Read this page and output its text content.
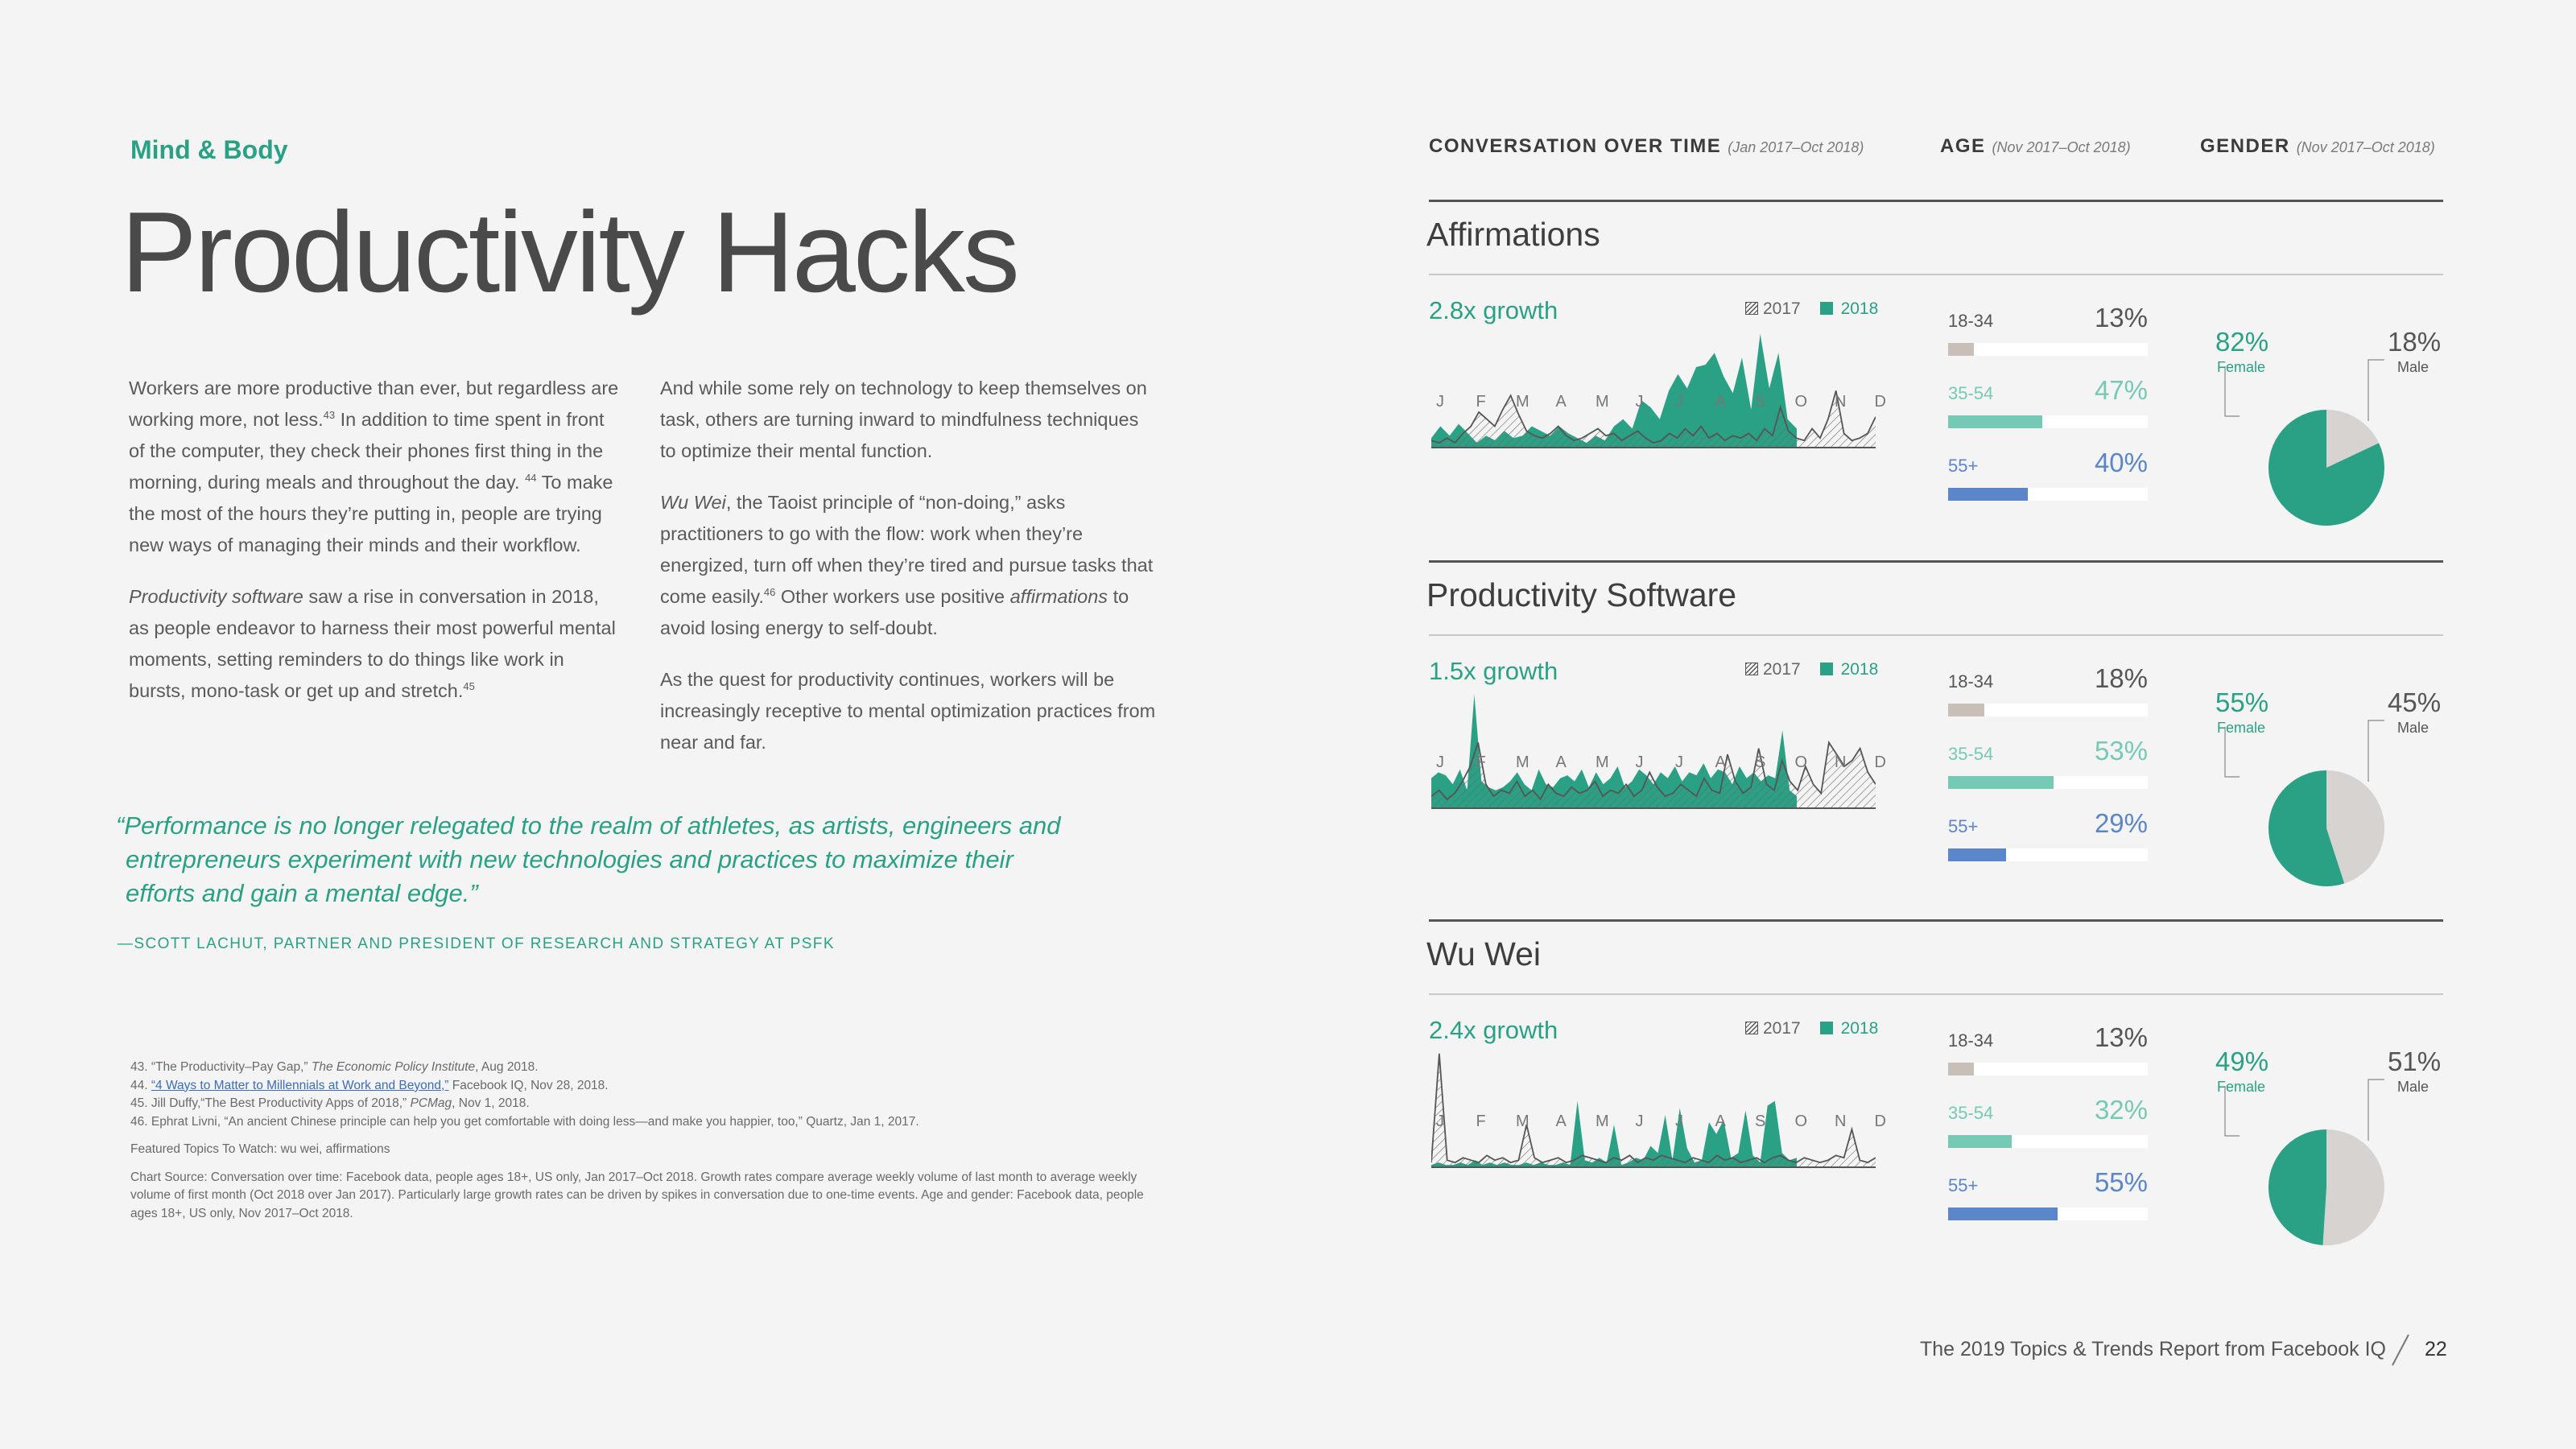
Mind & Body
Productivity Hacks

Workers are more productive than ever, but regardless are working more, not less.$^{43}$ In addition to time spent in front of the computer, they check their phones first thing in the morning, during meals and throughout the day. $^{44}$ To make the most of the hours they’re putting in, people are trying new ways of managing their minds and their workflow.

Productivity software saw a rise in conversation in 2018, as people endeavor to harness their most powerful mental moments, setting reminders to do things like work in bursts, mono-task or get up and stretch.$^{45}$

And while some rely on technology to keep themselves on task, others are turning inward to mindfulness techniques to optimize their mental function.

Wu Wei, the Taoist principle of “non-doing,” asks practitioners to go with the flow: work when they’re energized, turn off when they’re tired and pursue tasks that come easily.$^{46}$ Other workers use positive affirmations to avoid losing energy to self-doubt.

As the quest for productivity continues, workers will be increasingly receptive to mental optimization practices from near and far.

“Performance is no longer relegated to the realm of athletes, as artists, engineers and entrepreneurs experiment with new technologies and practices to maximize their efforts and gain a mental edge.”
—SCOTT LACHUT, PARTNER AND PRESIDENT OF RESEARCH AND STRATEGY AT PSFK
43. “The Productivity–Pay Gap,” The Economic Policy Institute, Aug 2018.
44. “4 Ways to Matter to Millennials at Work and Beyond,” Facebook IQ, Nov 28, 2018.
45. Jill Duffy,“The Best Productivity Apps of 2018,” PCMag, Nov 1, 2018.
46. Ephrat Livni, “An ancient Chinese principle can help you get comfortable with doing less—and make you happier, too,” Quartz, Jan 1, 2017.
Featured Topics To Watch: wu wei, affirmations
Chart Source: Conversation over time: Facebook data, people ages 18+, US only, Jan 2017–Oct 2018. Growth rates compare average weekly volume of last month to average weekly volume of first month (Oct 2018 over Jan 2017). Particularly large growth rates can be driven by spikes in conversation due to one-time events. Age and gender: Facebook data, people ages 18+, US only, Nov 2017–Oct 2018.
CONVERSATION OVER TIME (Jan 2017–Oct 2018)	AGE (Nov 2017–Oct 2018)	GENDER (Nov 2017–Oct 2018)
Affirmations
2.8x growth	2017 2018
J F M A M J J A S O N D
18-34	13%
35-54	47%
55+	40%
82%
Female
18%
Male
Productivity Software
1.5x growth	2017 2018
J F M A M J J A S O N D
18-34	18%
35-54	53%
55+	29%
55%
Female
45%
Male
Wu Wei
2.4x growth	2017 2018
J F M A M J J A S O N D
18-34	13%
35-54	32%
55+	55%
49%
Female
51%
Male
The 2019 Topics & Trends Report from Facebook IQ 22
